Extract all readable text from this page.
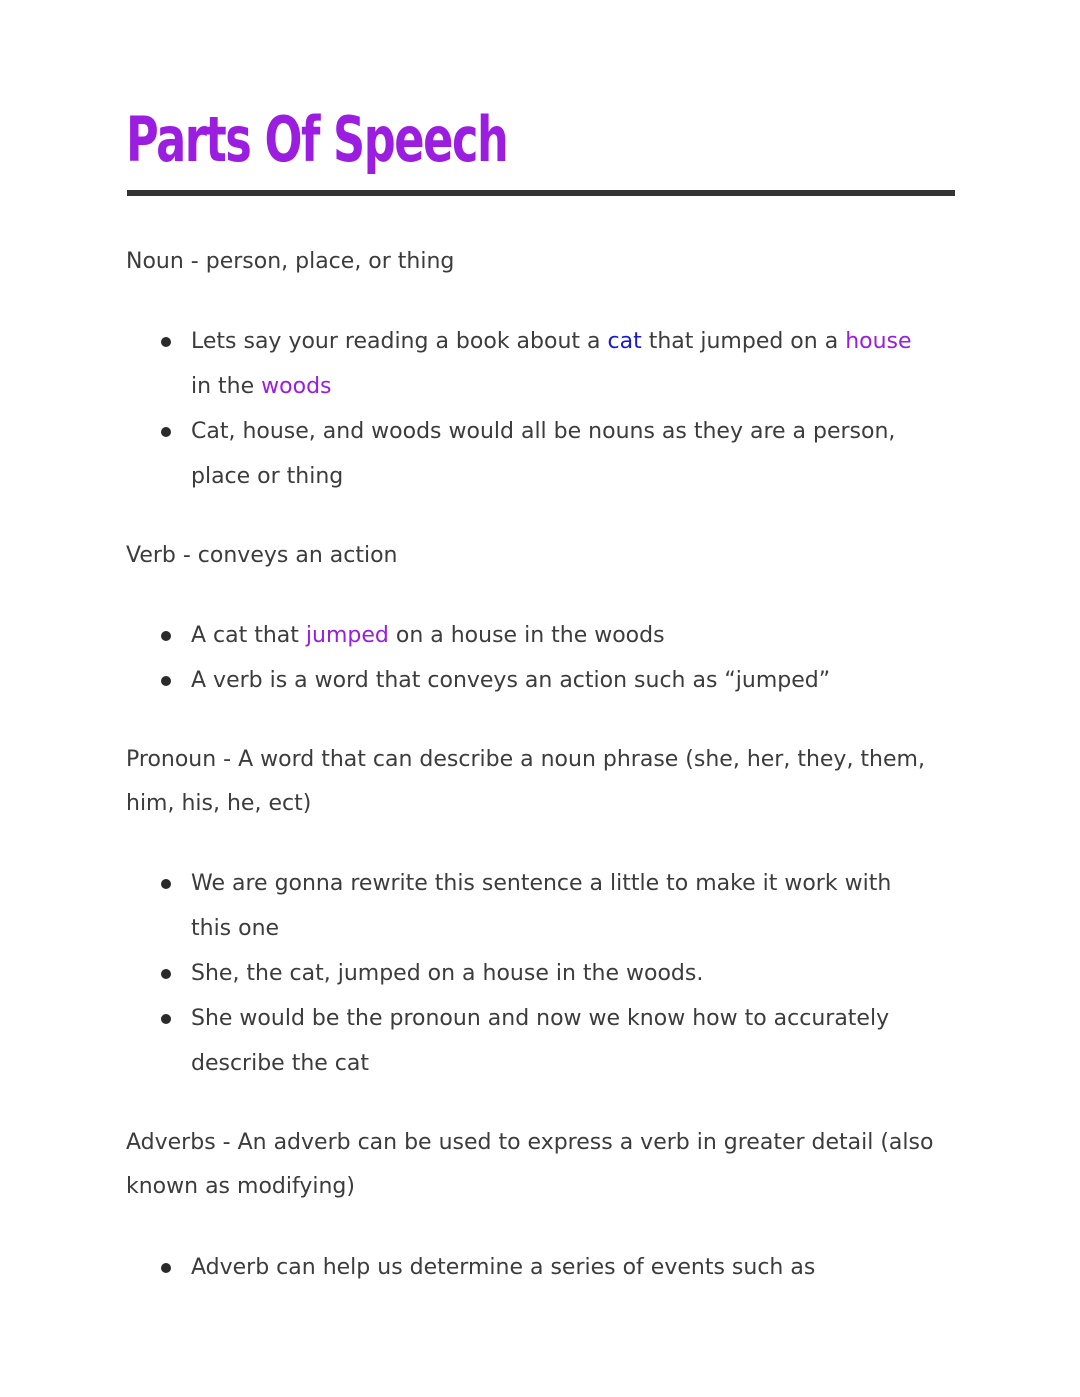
Parts Of Speech

Noun - person, place, or thing

Lets say your reading a book about a cat that jumped on a house in the woods
Cat, house, and woods would all be nouns as they are a person, place or thing

Verb - conveys an action

A cat that jumped on a house in the woods
A verb is a word that conveys an action such as “jumped”

Pronoun - A word that can describe a noun phrase (she, her, they, them, him, his, he, ect)

We are gonna rewrite this sentence a little to make it work with this one
She, the cat, jumped on a house in the woods.
She would be the pronoun and now we know how to accurately describe the cat

Adverbs - An adverb can be used to express a verb in greater detail (also known as modifying)

Adverb can help us determine a series of events such as
